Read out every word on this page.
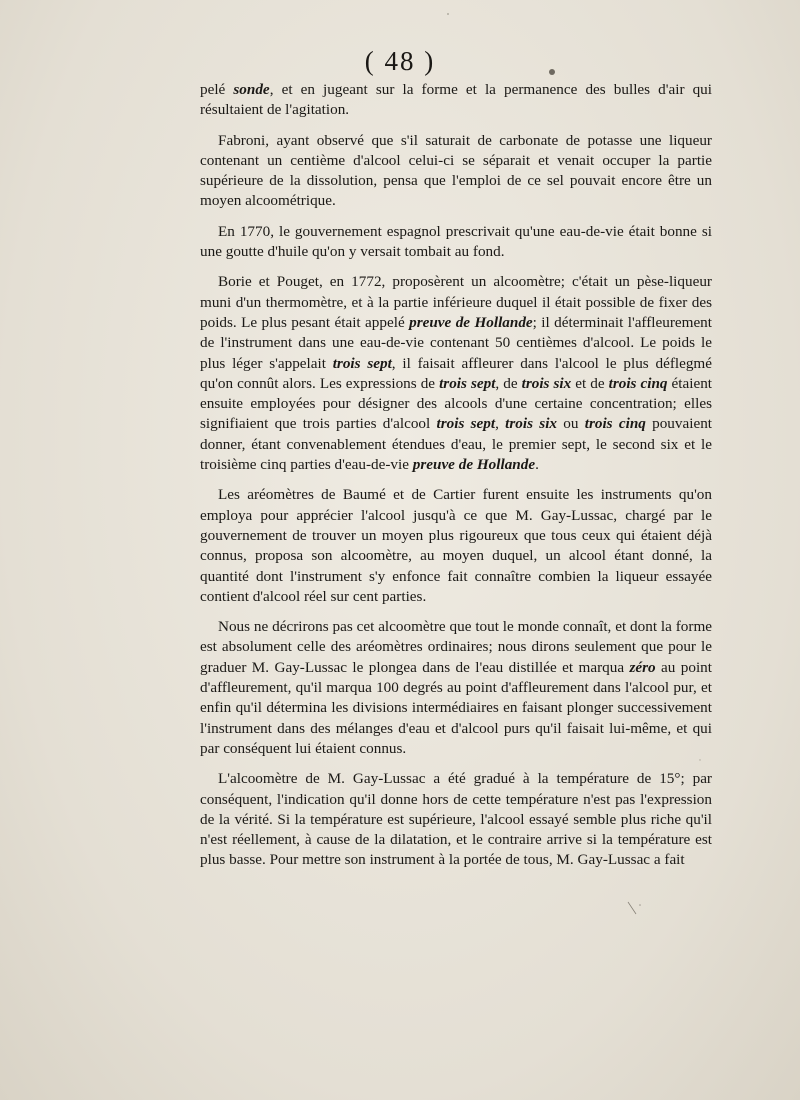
( 48 )

pelé sonde, et en jugeant sur la forme et la permanence des bulles d'air qui résultaient de l'agitation.

Fabroni, ayant observé que s'il saturait de carbonate de potasse une liqueur contenant un centième d'alcool celui-ci se séparait et venait occuper la partie supérieure de la dissolution, pensa que l'emploi de ce sel pouvait encore être un moyen alcoométrique.

En 1770, le gouvernement espagnol prescrivait qu'une eau-de-vie était bonne si une goutte d'huile qu'on y versait tombait au fond.

Borie et Pouget, en 1772, proposèrent un alcoomètre; c'était un pèse-liqueur muni d'un thermomètre, et à la partie inférieure duquel il était possible de fixer des poids. Le plus pesant était appelé preuve de Hollande; il déterminait l'affleurement de l'instrument dans une eau-de-vie contenant 50 centièmes d'alcool. Le poids le plus léger s'appelait trois sept, il faisait affleurer dans l'alcool le plus déflegmé qu'on connût alors. Les expressions de trois sept, de trois six et de trois cinq étaient ensuite employées pour désigner des alcools d'une certaine concentration; elles signifiaient que trois parties d'alcool trois sept, trois six ou trois cinq pouvaient donner, étant convenablement étendues d'eau, le premier sept, le second six et le troisième cinq parties d'eau-de-vie preuve de Hollande.

Les aréomètres de Baumé et de Cartier furent ensuite les instruments qu'on employa pour apprécier l'alcool jusqu'à ce que M. Gay-Lussac, chargé par le gouvernement de trouver un moyen plus rigoureux que tous ceux qui étaient déjà connus, proposa son alcoomètre, au moyen duquel, un alcool étant donné, la quantité dont l'instrument s'y enfonce fait connaître combien la liqueur essayée contient d'alcool réel sur cent parties.

Nous ne décrirons pas cet alcoomètre que tout le monde connaît, et dont la forme est absolument celle des aréomètres ordinaires; nous dirons seulement que pour le graduer M. Gay-Lussac le plongea dans de l'eau distillée et marqua zéro au point d'affleurement, qu'il marqua 100 degrés au point d'affleurement dans l'alcool pur, et enfin qu'il détermina les divisions intermédiaires en faisant plonger successivement l'instrument dans des mélanges d'eau et d'alcool purs qu'il faisait lui-même, et qui par conséquent lui étaient connus.

L'alcoomètre de M. Gay-Lussac a été gradué à la température de 15°; par conséquent, l'indication qu'il donne hors de cette température n'est pas l'expression de la vérité. Si la température est supérieure, l'alcool essayé semble plus riche qu'il n'est réellement, à cause de la dilatation, et le contraire arrive si la température est plus basse. Pour mettre son instrument à la portée de tous, M. Gay-Lussac a fait
